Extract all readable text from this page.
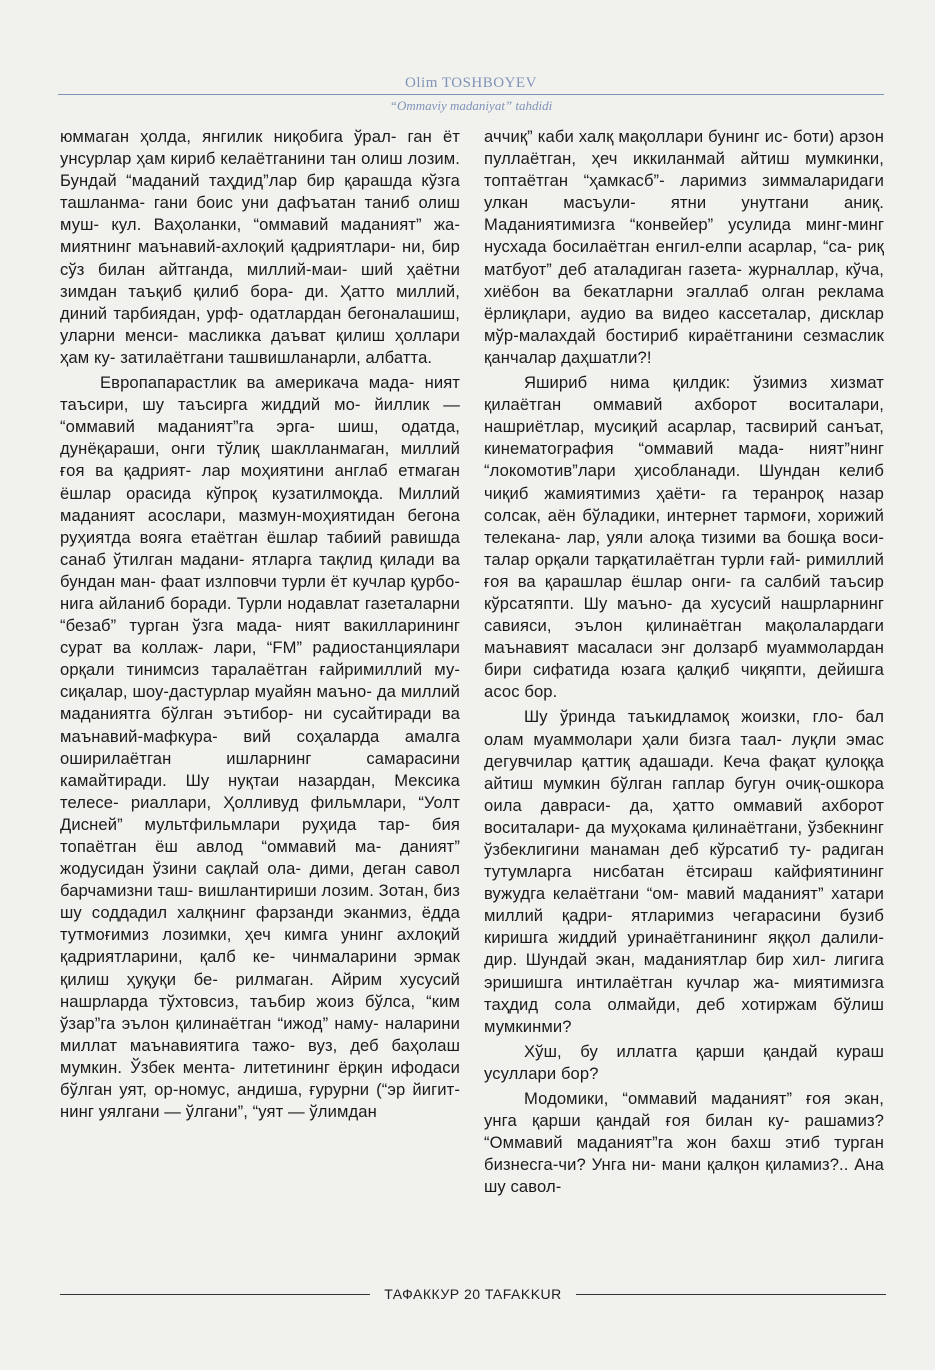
Olim TOSHBOYEV
“Ommaviy madaniyat” tahdidi

юммаган ҳолда, янгилик ниқобига ўрал- ган ёт унсурлар ҳам кириб келаётганини тан олиш лозим. Бундай “маданий таҳдид”лар бир қарашда кўзга ташланма- гани боис уни дафъатан таниб олиш муш- кул. Ваҳоланки, “оммавий маданият” жа- миятнинг маънавий-ахлоқий қадриятлари- ни, бир сўз билан айтганда, миллий-маи- ший ҳаётни зимдан таъқиб қилиб бора- ди. Ҳатто миллий, диний тарбиядан, урф- одатлардан бегоналашиш, уларни менси- масликка даъват қилиш ҳоллари ҳам ку- затилаётгани ташвишланарли, албатта.

Европапарастлик ва америкача мада- ният таъсири, шу таъсирга жиддий мо- йиллик — “оммавий маданият”га эрга- шиш, одатда, дунёқараши, онги тўлиқ шаклланмаган, миллий ғоя ва қадрият- лар моҳиятини англаб етмаган ёшлар орасида кўпроқ кузатилмоқда. Миллий маданият асослари, мазмун-моҳиятидан бегона руҳиятда вояга етаётган ёшлар табиий равишда санаб ўтилган мадани- ятларга тақлид қилади ва бундан ман- фаат излповчи турли ёт кучлар қурбо- нига айланиб боради. Турли нодавлат газеталарни “безаб” турган ўзга мада- ният вакилларининг сурат ва коллаж- лари, “FM” радиостанциялари орқали тинимсиз таралаётган ғайримиллий му- сиқалар, шоу-дастурлар муайян маъно- да миллий маданиятга бўлган эътибор- ни сусайтиради ва маънавий-мафкура- вий соҳаларда амалга оширилаётган ишларнинг самарасини камайтиради. Шу нуқтаи назардан, Мексика телесе- риаллари, Ҳолливуд фильмлари, “Уолт Дисней” мультфильмлари руҳида тар- бия топаётган ёш авлод “оммавий ма- даният” жодусидан ўзини сақлай ола- дими, деган савол барчамизни таш- вишлантириши лозим. Зотан, биз шу соддадил халқнинг фарзанди эканмиз, ёдда тутмоғимиз лозимки, ҳеч кимга унинг ахлоқий қадриятларини, қалб ке- чинмаларини эрмак қилиш ҳуқуқи бе- рилмаган. Айрим хусусий нашрларда тўхтовсиз, таъбир жоиз бўлса, “ким ўзар”га эълон қилинаётган “ижод” наму- наларини миллат маънавиятига тажо- вуз, деб баҳолаш мумкин. Ўзбек мента- литетининг ёрқин ифодаси бўлган уят, ор-номус, андиша, ғурурни (“эр йигит- нинг уялгани — ўлгани”, “уят — ўлимдан

аччиқ” каби халқ мақоллари бунинг ис- боти) арзон пуллаётган, ҳеч иккиланмай айтиш мумкинки, топтаётган “ҳамкасб”- ларимиз зиммаларидаги улкан масъули- ятни унутгани аниқ. Маданиятимизга “конвейер” усулида минг-минг нусхада босилаётган енгил-елпи асарлар, “са- риқ матбуот” деб аталадиган газета- журналлар, кўча, хиёбон ва бекатларни эгаллаб олган реклама ёрлиқлари, аудио ва видео кассеталар, дисклар мўр-малахдай бостириб кираётганини сезмаслик қанчалар даҳшатли?!

Яшириб нима қилдик: ўзимиз хизмат қилаётган оммавий ахборот воситалари, нашриётлар, мусиқий асарлар, тасвирий санъат, кинематография “оммавий мада- ният”нинг “локомотив”лари ҳисобланади. Шундан келиб чиқиб жамиятимиз ҳаёти- га теранроқ назар солсак, аён бўладики, интернет тармоғи, хорижий телекана- лар, уяли алоқа тизими ва бошқа воси- талар орқали тарқатилаётган турли ғай- римиллий ғоя ва қарашлар ёшлар онги- га салбий таъсир кўрсатяпти. Шу маъно- да хусусий нашрларнинг савияси, эълон қилинаётган мақолалардаги маънавият масаласи энг долзарб муаммолардан бири сифатида юзага қалқиб чиқяпти, дейишга асос бор.

Шу ўринда таъкидламоқ жоизки, гло- бал олам муаммолари ҳали бизга таал- луқли эмас дегувчилар қаттиқ адашади. Кеча фақат қулоққа айтиш мумкин бўлган гаплар бугун очиқ-ошкора оила давраси- да, ҳатто оммавий ахборот воситалари- да муҳокама қилинаётгани, ўзбекнинг ўзбеклигини манаман деб кўрсатиб ту- радиган тутумларга нисбатан ётсираш кайфиятининг вужудга келаётгани “ом- мавий маданият” хатари миллий қадри- ятларимиз чегарасини бузиб киришга жиддий уринаётганининг яққол далили- дир. Шундай экан, маданиятлар бир хил- лигига эришишга интилаётган кучлар жа- миятимизга таҳдид сола олмайди, деб хотиржам бўлиш мумкинми?

Хўш, бу иллатга қарши қандай кураш усуллари бор?

Модомики, “оммавий маданият” ғоя экан, унга қарши қандай ғоя билан ку- рашамиз? “Оммавий маданият”га жон бахш этиб турган бизнесга-чи? Унга ни- мани қалқон қиламиз?.. Ана шу савол-

ТАФАККУР 20 TAFAKKUR
